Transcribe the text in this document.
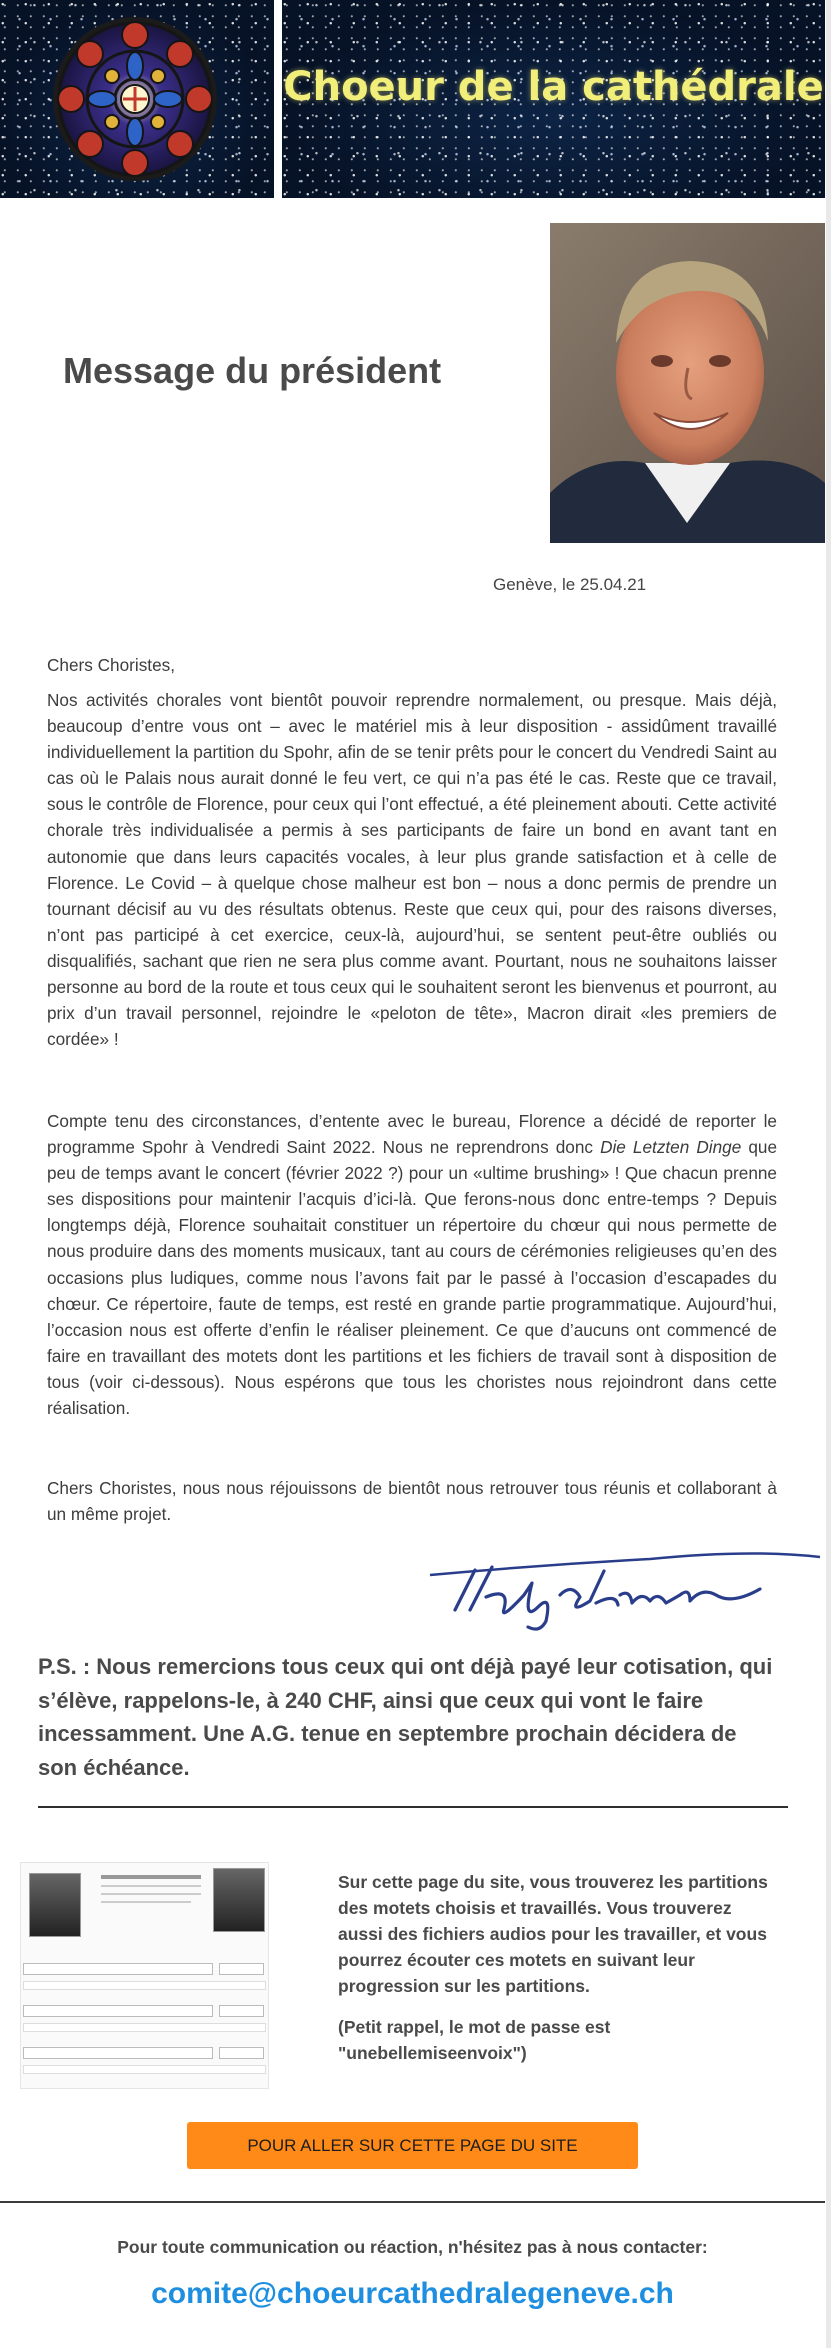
Choeur de la cathédrale
Message du président
Genève, le 25.04.21

Chers Choristes,

Nos activités chorales vont bientôt pouvoir reprendre normalement, ou presque. Mais déjà, beaucoup d’entre vous ont – avec le matériel mis à leur disposition - assidûment travaillé individuellement la partition du Spohr, afin de se tenir prêts pour le concert du Vendredi Saint au cas où le Palais nous aurait donné le feu vert, ce qui n’a pas été le cas. Reste que ce travail, sous le contrôle de Florence, pour ceux qui l’ont effectué, a été pleinement abouti. Cette activité chorale très individualisée a permis à ses participants de faire un bond en avant tant en autonomie que dans leurs capacités vocales, à leur plus grande satisfaction et à celle de Florence. Le Covid – à quelque chose malheur est bon – nous a donc permis de prendre un tournant décisif au vu des résultats obtenus. Reste que ceux qui, pour des raisons diverses, n’ont pas participé à cet exercice, ceux-là, aujourd’hui, se sentent peut-être oubliés ou disqualifiés, sachant que rien ne sera plus comme avant. Pourtant, nous ne souhaitons laisser personne au bord de la route et tous ceux qui le souhaitent seront les bienvenus et pourront, au prix d’un travail personnel, rejoindre le «peloton de tête», Macron dirait «les premiers de cordée» !

Compte tenu des circonstances, d’entente avec le bureau, Florence a décidé de reporter le programme Spohr à Vendredi Saint 2022. Nous ne reprendrons donc Die Letzten Dinge que peu de temps avant le concert (février 2022 ?) pour un «ultime brushing» ! Que chacun prenne ses dispositions pour maintenir l’acquis d’ici-là. Que ferons-nous donc entre-temps ? Depuis longtemps déjà, Florence souhaitait constituer un répertoire du chœur qui nous permette de nous produire dans des moments musicaux, tant au cours de cérémonies religieuses qu’en des occasions plus ludiques, comme nous l’avons fait par le passé à l’occasion d’escapades du chœur. Ce répertoire, faute de temps, est resté en grande partie programmatique. Aujourd’hui, l’occasion nous est offerte d’enfin le réaliser pleinement. Ce que d’aucuns ont commencé de faire en travaillant des motets dont les partitions et les fichiers de travail sont à disposition de tous (voir ci-dessous). Nous espérons que tous les choristes nous rejoindront dans cette réalisation.

Chers Choristes, nous nous réjouissons de bientôt nous retrouver tous réunis et collaborant à un même projet.

P.S. : Nous remercions tous ceux qui ont déjà payé leur cotisation, qui s’élève, rappelons-le, à 240 CHF, ainsi que ceux qui vont le faire incessamment. Une A.G. tenue en septembre prochain décidera de son échéance.

Sur cette page du site, vous trouverez les partitions des motets choisis et travaillés. Vous trouverez aussi des fichiers audios pour les travailler, et vous pourrez écouter ces motets en suivant leur progression sur les partitions.

(Petit rappel, le mot de passe est "unebellemiseenvoix")

POUR ALLER SUR CETTE PAGE DU SITE

Pour toute communication ou réaction, n'hésitez pas à nous contacter:

comite@choeurcathedralegeneve.ch
